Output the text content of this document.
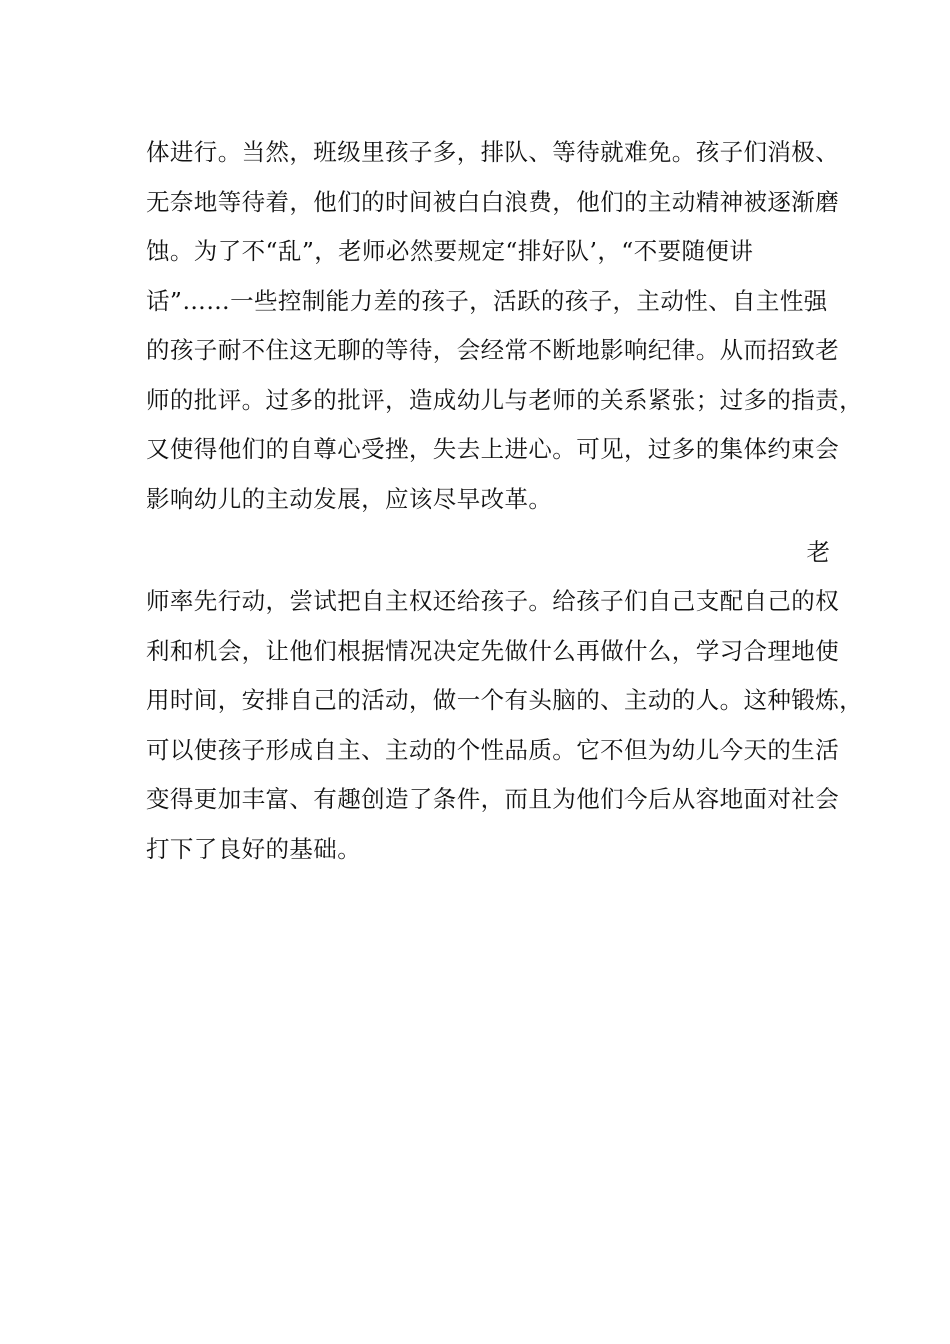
体进行。当然，班级里孩子多，排队、等待就难免。孩子们消极、
无奈地等待着，他们的时间被白白浪费，他们的主动精神被逐渐磨
蚀。为了不“乱”，老师必然要规定“排好队’，“不要随便讲
话”……一些控制能力差的孩子，活跃的孩子，主动性、自主性强
的孩子耐不住这无聊的等待，会经常不断地影响纪律。从而招致老
师的批评。过多的批评，造成幼儿与老师的关系紧张；过多的指责，
又使得他们的自尊心受挫，失去上进心。可见，过多的集体约束会
影响幼儿的主动发展，应该尽早改革。
老
师率先行动，尝试把自主权还给孩子。给孩子们自己支配自己的权
利和机会，让他们根据情况决定先做什么再做什么，学习合理地使
用时间，安排自己的活动，做一个有头脑的、主动的人。这种锻炼，
可以使孩子形成自主、主动的个性品质。它不但为幼儿今天的生活
变得更加丰富、有趣创造了条件，而且为他们今后从容地面对社会
打下了良好的基础。
